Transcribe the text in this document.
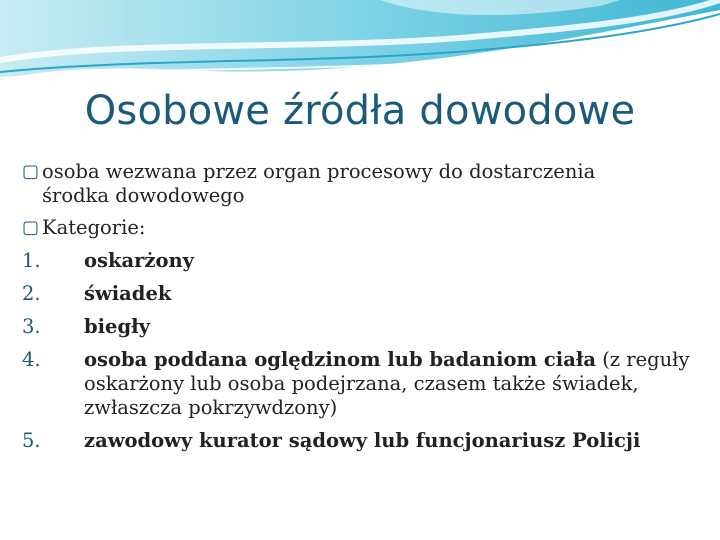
Osobowe źródła dowodowe
▢ osoba wezwana przez organ procesowy do dostarczenia
środka dowodowego
▢ Kategorie:
1.	oskarżony
2.	świadek
3.	biegły
4.	osoba poddana oględzinom lub badaniom ciała (z reguły oskarżony lub osoba podejrzana, czasem także świadek, zwłaszcza pokrzywdzony)
5.	zawodowy kurator sądowy lub funcjonariusz Policji
